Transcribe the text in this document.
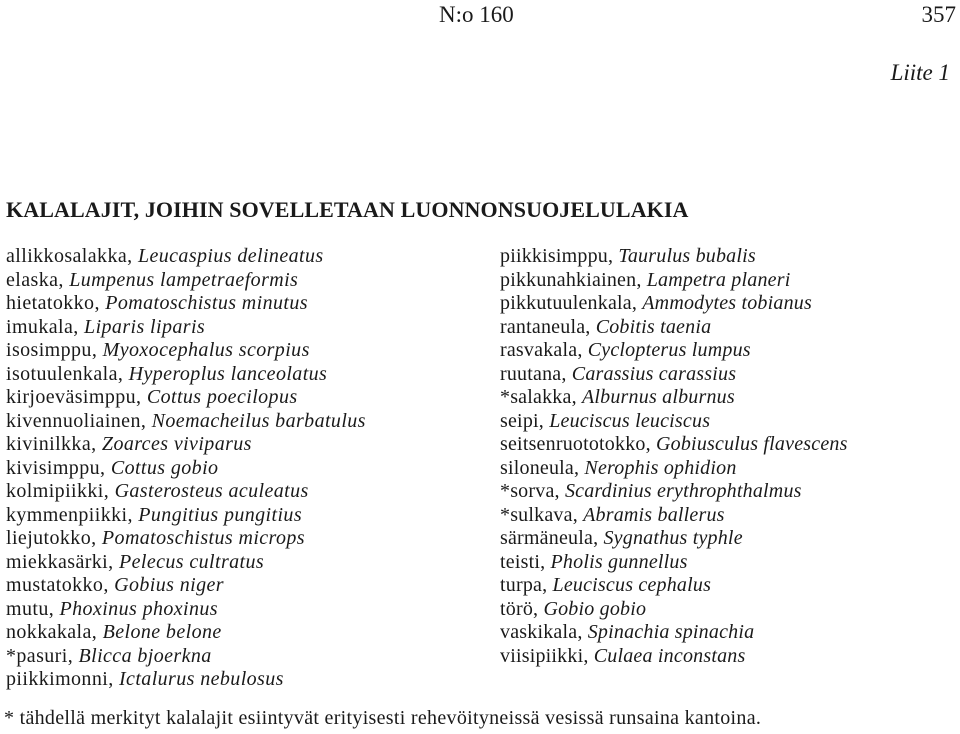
N:o 160	357
Liite 1
KALALAJIT, JOIHIN SOVELLETAAN LUONNONSUOJELULAKIA
allikkosalakka, Leucaspius delineatus
elaska, Lumpenus lampetraeformis
hietatokko, Pomatoschistus minutus
imukala, Liparis liparis
isosimppu, Myoxocephalus scorpius
isotuulenkala, Hyperoplus lanceolatus
kirjoeväsimppu, Cottus poecilopus
kivennuoliainen, Noemacheilus barbatulus
kivinilkka, Zoarces viviparus
kivisimppu, Cottus gobio
kolmipiikki, Gasterosteus aculeatus
kymmenpiikki, Pungitius pungitius
liejutokko, Pomatoschistus microps
miekkasärki, Pelecus cultratus
mustatokko, Gobius niger
mutu, Phoxinus phoxinus
nokkakala, Belone belone
*pasuri, Blicca bjoerkna
piikkimonni, Ictalurus nebulosus
piikkisimppu, Taurulus bubalis
pikkunahkiainen, Lampetra planeri
pikkutuulenkala, Ammodytes tobianus
rantaneula, Cobitis taenia
rasvakala, Cyclopterus lumpus
ruutana, Carassius carassius
*salakka, Alburnus alburnus
seipi, Leuciscus leuciscus
seitsenruototokko, Gobiusculus flavescens
siloneula, Nerophis ophidion
*sorva, Scardinius erythrophthalmus
*sulkava, Abramis ballerus
särmäneula, Sygnathus typhle
teisti, Pholis gunnellus
turpa, Leuciscus cephalus
törö, Gobio gobio
vaskikala, Spinachia spinachia
viisipiikki, Culaea inconstans
* tähdellä merkityt kalalajit esiintyvät erityisesti rehevöityneissä vesissä runsaina kantoina.
